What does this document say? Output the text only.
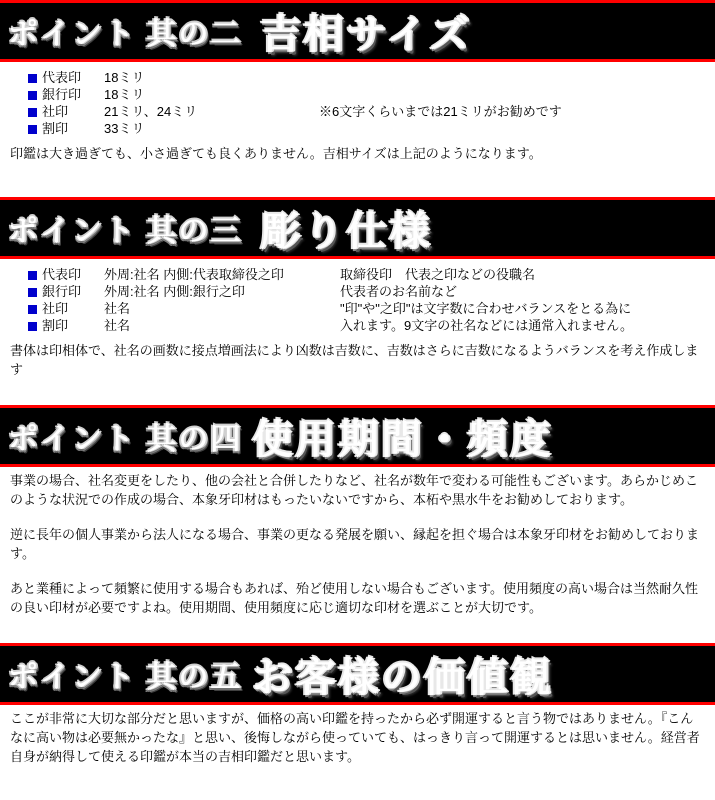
ポイント 其の二 吉相サイズ
代表印	18ミリ
銀行印	18ミリ
社印	21ミリ、24ミリ	※6文字くらいまでは21ミリがお勧めです
割印	33ミリ

印鑑は大き過ぎても、小さ過ぎても良くありません。吉相サイズは上記のようになります。

ポイント 其の三 彫り仕様
代表印	外周:社名 内側:代表取締役之印	取締役印　代表之印などの役職名
銀行印	外周:社名 内側:銀行之印	代表者のお名前など
社印	社名	"印"や"之印"は文字数に合わせバランスをとる為に
割印	社名	入れます。9文字の社名などには通常入れません。

書体は印相体で、社名の画数に接点増画法により凶数は吉数に、吉数はさらに吉数になるようバランスを考え作成します

ポイント 其の四 使用期間・頻度

事業の場合、社名変更をしたり、他の会社と合併したりなど、社名が数年で変わる可能性もございます。あらかじめこのような状況での作成の場合、本象牙印材はもったいないですから、本柘や黒水牛をお勧めしております。

逆に長年の個人事業から法人になる場合、事業の更なる発展を願い、縁起を担ぐ場合は本象牙印材をお勧めしております。

あと業種によって頻繁に使用する場合もあれば、殆ど使用しない場合もございます。使用頻度の高い場合は当然耐久性の良い印材が必要ですよね。使用期間、使用頻度に応じ適切な印材を選ぶことが大切です。

ポイント 其の五 お客様の価値観

ここが非常に大切な部分だと思いますが、価格の高い印鑑を持ったから必ず開運すると言う物ではありません。『こんなに高い物は必要無かったな』と思い、後悔しながら使っていても、はっきり言って開運するとは思いません。経営者自身が納得して使える印鑑が本当の吉相印鑑だと思います。
